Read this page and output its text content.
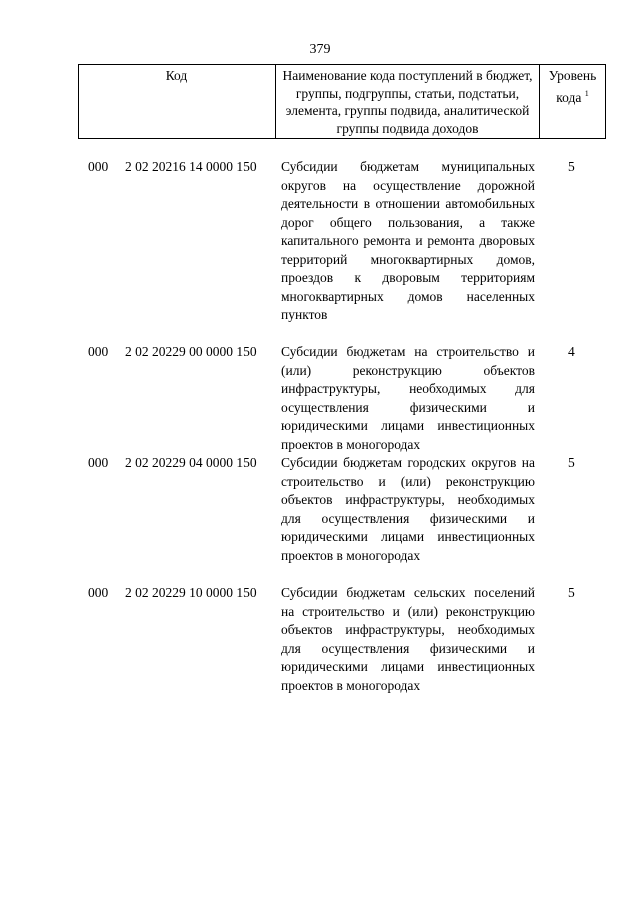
379
Код	Наименование кода поступлений в бюджет, группы, подгруппы, статьи, подстатьи, элемента, группы подвида, аналитической группы подвида доходов
Уровень кода $^1$
000 2 02 20216 14 0000 150 Субсидии бюджетам муниципальных округов на осуществление дорожной деятельности в отношении автомобильных дорог общего пользования, а также капитального ремонта и ремонта дворовых территорий многоквартирных домов, проездов к дворовым территориям многоквартирных домов населенных пунктов
5
000 2 02 20229 00 0000 150 Субсидии бюджетам на строительство и (или) реконструкцию объектов инфраструктуры, необходимых для осуществления физическими и юридическими лицами инвестиционных проектов в моногородах
4
000 2 02 20229 04 0000 150 Субсидии бюджетам городских округов на строительство и (или) реконструкцию объектов инфраструктуры, необходимых для осуществления физическими и юридическими лицами инвестиционных проектов в моногородах
5
000 2 02 20229 10 0000 150 Субсидии бюджетам сельских поселений на строительство и (или) реконструкцию объектов инфраструктуры, необходимых для осуществления физическими и юридическими лицами инвестиционных проектов в моногородах
5
